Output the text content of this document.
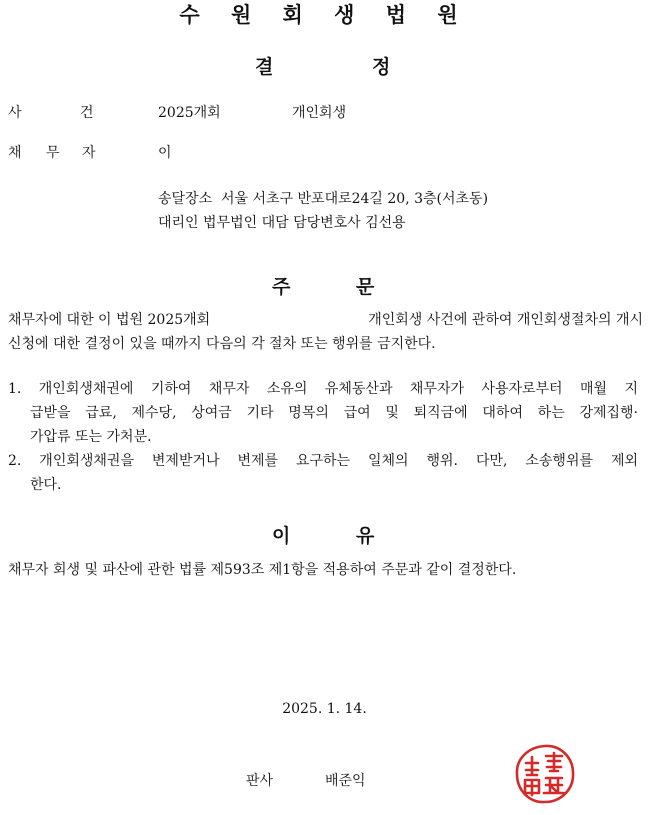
수 원 회 생 법 원
결	정
사	건	2025개회	개인회생
채 무 자	이
송달장소  서울 서초구 반포대로24길 20, 3층(서초동)
대리인 법무법인 대담 담당변호사 김선용
주	문
채무자에 대한 이 법원 2025개회	개인회생 사건에 관하여 개인회생절차의 개시
신청에 대한 결정이 있을 때까지 다음의 각 절차 또는 행위를 금지한다.
1. 개인회생채권에 기하여 채무자 소유의 유체동산과 채무자가 사용자로부터 매월 지
급받을 급료, 제수당, 상여금 기타 명목의 급여 및 퇴직금에 대하여 하는 강제집행·
가압류 또는 가처분.
2. 개인회생채권을 변제받거나 변제를 요구하는 일체의 행위. 다만, 소송행위를 제외
한다.
이	유
채무자 회생 및 파산에 관한 법률 제593조 제1항을 적용하여 주문과 같이 결정한다.
2025. 1. 14.
판사	배준익
